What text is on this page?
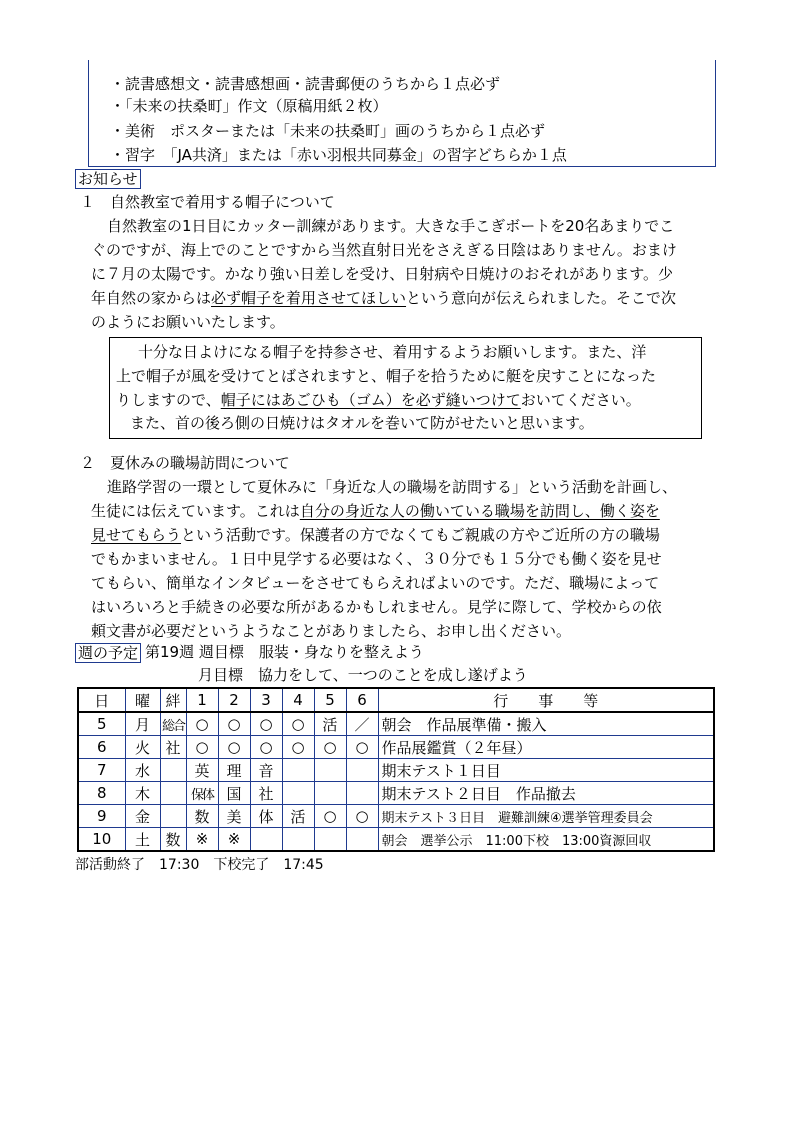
・読書感想文・読書感想画・読書郵便のうちから１点必ず
・「未来の扶桑町」作文（原稿用紙２枚）
・美術　ポスターまたは「未来の扶桑町」画のうちから１点必ず
・習字　「JA共済」または「赤い羽根共同募金」の習字どちらか１点
お知らせ
１　自然教室で着用する帽子について
自然教室の1日目にカッター訓練があります。大きな手こぎボートを20名あまりでこ
ぐのですが、海上でのことですから当然直射日光をさえぎる日陰はありません。おまけ
に７月の太陽です。かなり強い日差しを受け、日射病や日焼けのおそれがあります。少
年自然の家からは必ず帽子を着用させてほしいという意向が伝えられました。そこで次
のようにお願いいたします。
十分な日よけになる帽子を持参させ、着用するようお願いします。また、洋
上で帽子が風を受けてとばされますと、帽子を拾うために艇を戻すことになった
りしますので、帽子にはあごひも（ゴム）を必ず縫いつけておいてください。
また、首の後ろ側の日焼けはタオルを巻いて防がせたいと思います。
２　夏休みの職場訪問について
進路学習の一環として夏休みに「身近な人の職場を訪問する」という活動を計画し、
生徒には伝えています。これは自分の身近な人の働いている職場を訪問し、働く姿を
見せてもらうという活動です。保護者の方でなくてもご親戚の方やご近所の方の職場
でもかまいません。１日中見学する必要はなく、３０分でも１５分でも働く姿を見せ
てもらい、簡単なインタビューをさせてもらえればよいのです。ただ、職場によって
はいろいろと手続きの必要な所があるかもしれません。見学に際して、学校からの依
頼文書が必要だというようなことがありましたら、お申し出ください。
週の予定 第19週 週目標　服装・身なりを整えよう
月目標　協力をして、一つのことを成し遂げよう
日	曜	絆	1	2	3	4	5	6	行　　事　　等
5	月	総合	○	○	○	○	活	／	朝会　作品展準備・搬入
6	火	社	○	○	○	○	○	○	作品展鑑賞（２年昼）
7	水		英	理	音				期末テスト１日目
8	木		保体	国	社				期末テスト２日目　作品撤去
9	金		数	美	体	活	○	○	期末テスト３日目　避難訓練④選挙管理委員会
10	土	数	※	※					朝会　選挙公示　11:00下校　13:00資源回収
部活動終了　17:30　下校完了　17:45
